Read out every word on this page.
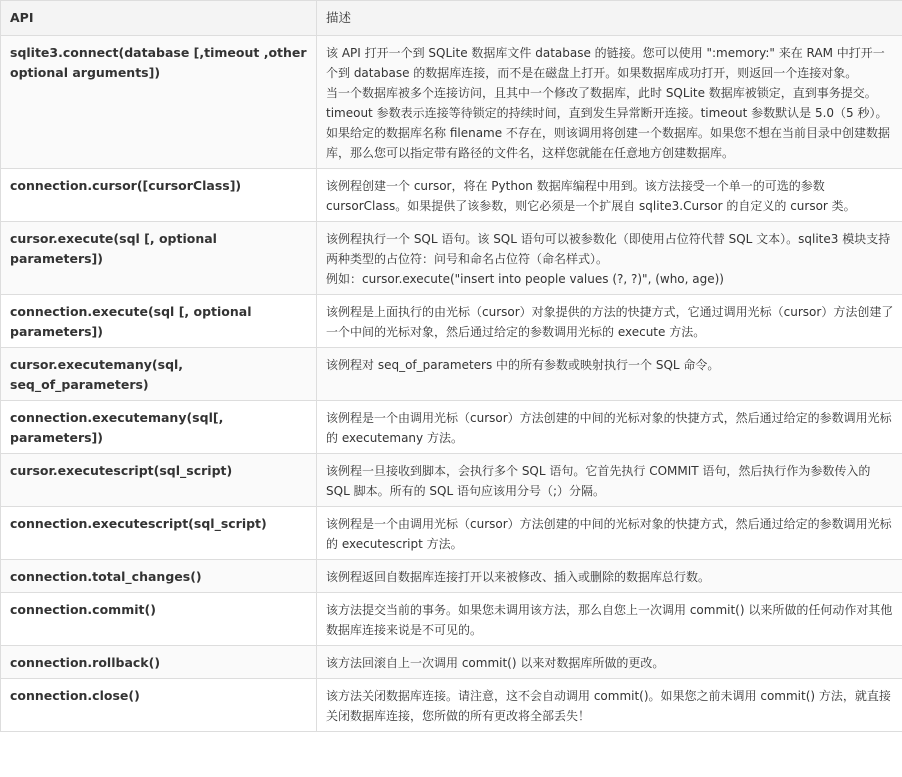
API	描述
sqlite3.connect(database [,timeout ,other optional arguments])	该 API 打开一个到 SQLite 数据库文件 database 的链接。您可以使用 ":memory:" 来在 RAM 中打开一个到 database 的数据库连接，而不是在磁盘上打开。如果数据库成功打开，则返回一个连接对象。

当一个数据库被多个连接访问，且其中一个修改了数据库，此时 SQLite 数据库被锁定，直到事务提交。timeout 参数表示连接等待锁定的持续时间，直到发生异常断开连接。timeout 参数默认是 5.0（5 秒）。

如果给定的数据库名称 filename 不存在，则该调用将创建一个数据库。如果您不想在当前目录中创建数据库，那么您可以指定带有路径的文件名，这样您就能在任意地方创建数据库。

connection.cursor([cursorClass])	该例程创建一个 cursor，将在 Python 数据库编程中用到。该方法接受一个单一的可选的参数 cursorClass。如果提供了该参数，则它必须是一个扩展自 sqlite3.Cursor 的自定义的 cursor 类。

cursor.execute(sql [, optional parameters])	该例程执行一个 SQL 语句。该 SQL 语句可以被参数化（即使用占位符代替 SQL 文本）。sqlite3 模块支持两种类型的占位符：问号和命名占位符（命名样式）。

例如：cursor.execute("insert into people values (?, ?)", (who, age))

connection.execute(sql [, optional parameters])	该例程是上面执行的由光标（cursor）对象提供的方法的快捷方式，它通过调用光标（cursor）方法创建了一个中间的光标对象，然后通过给定的参数调用光标的 execute 方法。

cursor.executemany(sql, seq_of_parameters)	该例程对 seq_of_parameters 中的所有参数或映射执行一个 SQL 命令。

connection.executemany(sql[, parameters])	该例程是一个由调用光标（cursor）方法创建的中间的光标对象的快捷方式，然后通过给定的参数调用光标的 executemany 方法。

cursor.executescript(sql_script)	该例程一旦接收到脚本，会执行多个 SQL 语句。它首先执行 COMMIT 语句，然后执行作为参数传入的 SQL 脚本。所有的 SQL 语句应该用分号（;）分隔。

connection.executescript(sql_script)	该例程是一个由调用光标（cursor）方法创建的中间的光标对象的快捷方式，然后通过给定的参数调用光标的 executescript 方法。

connection.total_changes()	该例程返回自数据库连接打开以来被修改、插入或删除的数据库总行数。

connection.commit()	该方法提交当前的事务。如果您未调用该方法，那么自您上一次调用 commit() 以来所做的任何动作对其他数据库连接来说是不可见的。

connection.rollback()	该方法回滚自上一次调用 commit() 以来对数据库所做的更改。

connection.close()	该方法关闭数据库连接。请注意，这不会自动调用 commit()。如果您之前未调用 commit() 方法，就直接关闭数据库连接，您所做的所有更改将全部丢失！
